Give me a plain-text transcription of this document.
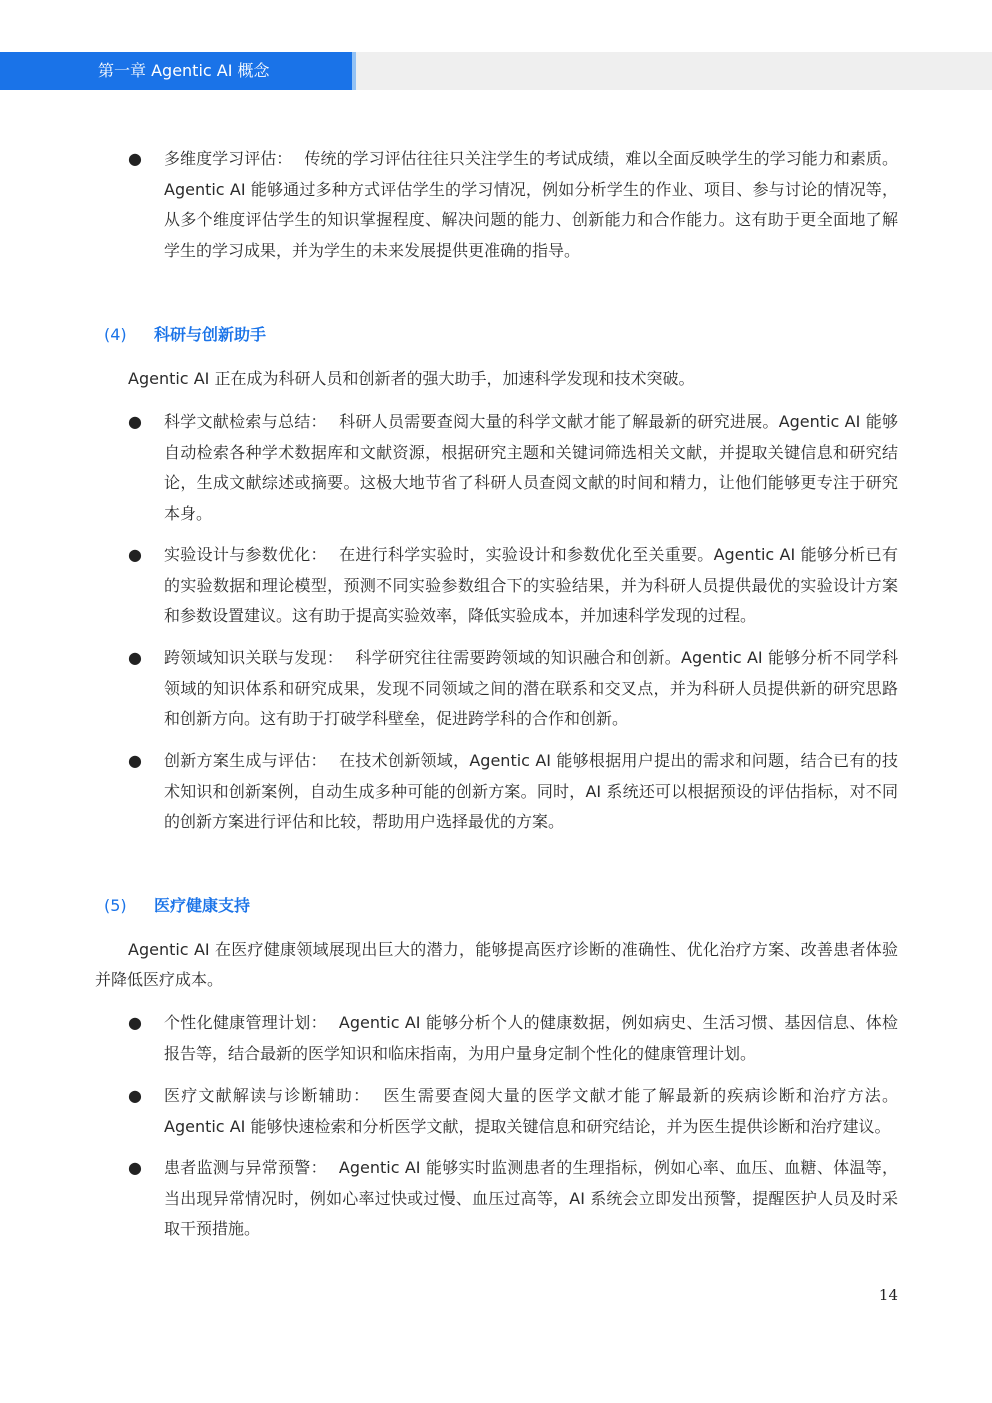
第一章 Agentic AI 概念
● 多维度学习评估： 传统的学习评估往往只关注学生的考试成绩，难以全面反映学生的学习能力和素质。Agentic AI 能够通过多种方式评估学生的学习情况，例如分析学生的作业、项目、参与讨论的情况等，从多个维度评估学生的知识掌握程度、解决问题的能力、创新能力和合作能力。这有助于更全面地了解学生的学习成果，并为学生的未来发展提供更准确的指导。
(4) 科研与创新助手
Agentic AI 正在成为科研人员和创新者的强大助手，加速科学发现和技术突破。
● 科学文献检索与总结： 科研人员需要查阅大量的科学文献才能了解最新的研究进展。Agentic AI 能够自动检索各种学术数据库和文献资源，根据研究主题和关键词筛选相关文献，并提取关键信息和研究结论，生成文献综述或摘要。这极大地节省了科研人员查阅文献的时间和精力，让他们能够更专注于研究本身。
● 实验设计与参数优化： 在进行科学实验时，实验设计和参数优化至关重要。Agentic AI 能够分析已有的实验数据和理论模型，预测不同实验参数组合下的实验结果，并为科研人员提供最优的实验设计方案和参数设置建议。这有助于提高实验效率，降低实验成本，并加速科学发现的过程。
● 跨领域知识关联与发现： 科学研究往往需要跨领域的知识融合和创新。Agentic AI 能够分析不同学科领域的知识体系和研究成果，发现不同领域之间的潜在联系和交叉点，并为科研人员提供新的研究思路和创新方向。这有助于打破学科壁垒，促进跨学科的合作和创新。
● 创新方案生成与评估： 在技术创新领域，Agentic AI 能够根据用户提出的需求和问题，结合已有的技术知识和创新案例，自动生成多种可能的创新方案。同时，AI 系统还可以根据预设的评估指标，对不同的创新方案进行评估和比较，帮助用户选择最优的方案。
(5) 医疗健康支持
Agentic AI 在医疗健康领域展现出巨大的潜力，能够提高医疗诊断的准确性、优化治疗方案、改善患者体验并降低医疗成本。
● 个性化健康管理计划： Agentic AI 能够分析个人的健康数据，例如病史、生活习惯、基因信息、体检报告等，结合最新的医学知识和临床指南，为用户量身定制个性化的健康管理计划。
● 医疗文献解读与诊断辅助： 医生需要查阅大量的医学文献才能了解最新的疾病诊断和治疗方法。Agentic AI 能够快速检索和分析医学文献，提取关键信息和研究结论，并为医生提供诊断和治疗建议。
● 患者监测与异常预警： Agentic AI 能够实时监测患者的生理指标，例如心率、血压、血糖、体温等，当出现异常情况时，例如心率过快或过慢、血压过高等，AI 系统会立即发出预警，提醒医护人员及时采取干预措施。
14
